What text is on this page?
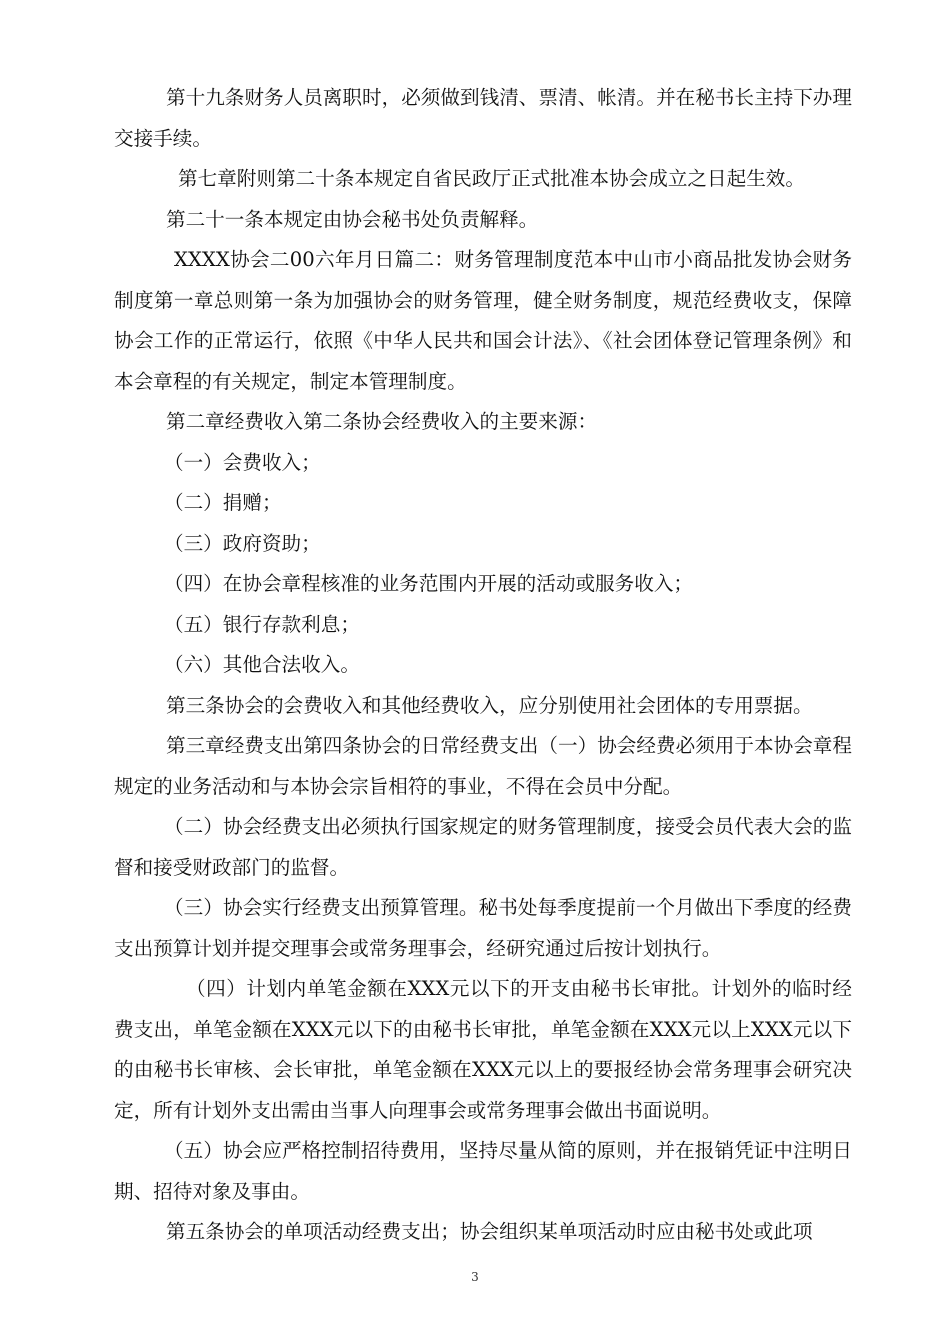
第十九条财务人员离职时，必须做到钱清、票清、帐清。并在秘书长主持下办理交接手续。

第七章附则第二十条本规定自省民政厅正式批准本协会成立之日起生效。

第二十一条本规定由协会秘书处负责解释。

XXXX协会二00六年月日篇二：财务管理制度范本中山市小商品批发协会财务制度第一章总则第一条为加强协会的财务管理，健全财务制度，规范经费收支，保障协会工作的正常运行，依照《中华人民共和国会计法》、《社会团体登记管理条例》和本会章程的有关规定，制定本管理制度。

第二章经费收入第二条协会经费收入的主要来源：

（一）会费收入；

（二）捐赠；

（三）政府资助；

（四）在协会章程核准的业务范围内开展的活动或服务收入；

（五）银行存款利息；

（六）其他合法收入。

第三条协会的会费收入和其他经费收入，应分别使用社会团体的专用票据。

第三章经费支出第四条协会的日常经费支出（一）协会经费必须用于本协会章程规定的业务活动和与本协会宗旨相符的事业，不得在会员中分配。

（二）协会经费支出必须执行国家规定的财务管理制度，接受会员代表大会的监督和接受财政部门的监督。

（三）协会实行经费支出预算管理。秘书处每季度提前一个月做出下季度的经费支出预算计划并提交理事会或常务理事会，经研究通过后按计划执行。

（四）计划内单笔金额在XXX元以下的开支由秘书长审批。计划外的临时经费支出，单笔金额在XXX元以下的由秘书长审批，单笔金额在XXX元以上XXX元以下的由秘书长审核、会长审批，单笔金额在XXX元以上的要报经协会常务理事会研究决定，所有计划外支出需由当事人向理事会或常务理事会做出书面说明。

（五）协会应严格控制招待费用，坚持尽量从简的原则，并在报销凭证中注明日期、招待对象及事由。

第五条协会的单项活动经费支出；协会组织某单项活动时应由秘书处或此项

3
